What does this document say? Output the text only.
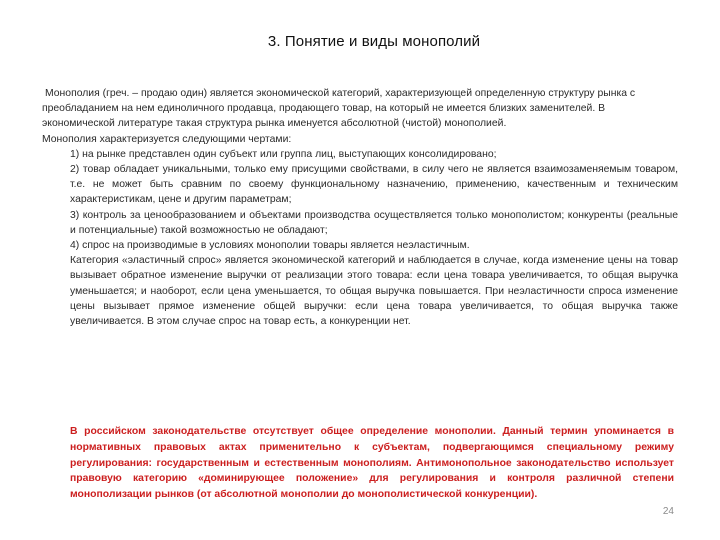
3. Понятие и виды монополий

Монополия (греч. – продаю один) является экономической категорий, характеризующей определенную структуру рынка с преобладанием на нем единоличного продавца, продающего товар, на который не имеется близких заменителей. В экономической литературе такая структура рынка именуется абсолютной (чистой) монополией.

Монополия характеризуется следующими чертами:

1) на рынке представлен один субъект или группа лиц, выступающих консолидировано;

2) товар обладает уникальными, только ему присущими свойствами, в силу чего не является взаимозаменяемым товаром, т.е. не может быть сравним по своему функциональному назначению, применению, качественным и техническим характеристикам, цене и другим параметрам;

3) контроль за ценообразованием и объектами производства осуществляется только монополистом; конкуренты (реальные и потенциальные) такой возможностью не обладают;

4) спрос на производимые в условиях монополии товары является неэластичным.

Категория «эластичный спрос» является экономической категорий и наблюдается в случае, когда изменение цены на товар вызывает обратное изменение выручки от реализации этого товара: если цена товара увеличивается, то общая выручка уменьшается; и наоборот, если цена уменьшается, то общая выручка повышается. При неэластичности спроса изменение цены вызывает прямое изменение общей выручки: если цена товара увеличивается, то общая выручка также увеличивается. В этом случае спрос на товар есть, а конкуренции нет.

В российском законодательстве отсутствует общее определение монополии. Данный термин упоминается в нормативных правовых актах применительно к субъектам, подвергающимся специальному режиму регулирования: государственным и естественным монополиям. Антимонопольное законодательство использует правовую категорию «доминирующее положение» для регулирования и контроля различной степени монополизации рынков (от абсолютной монополии до монополистической конкуренции).

24
